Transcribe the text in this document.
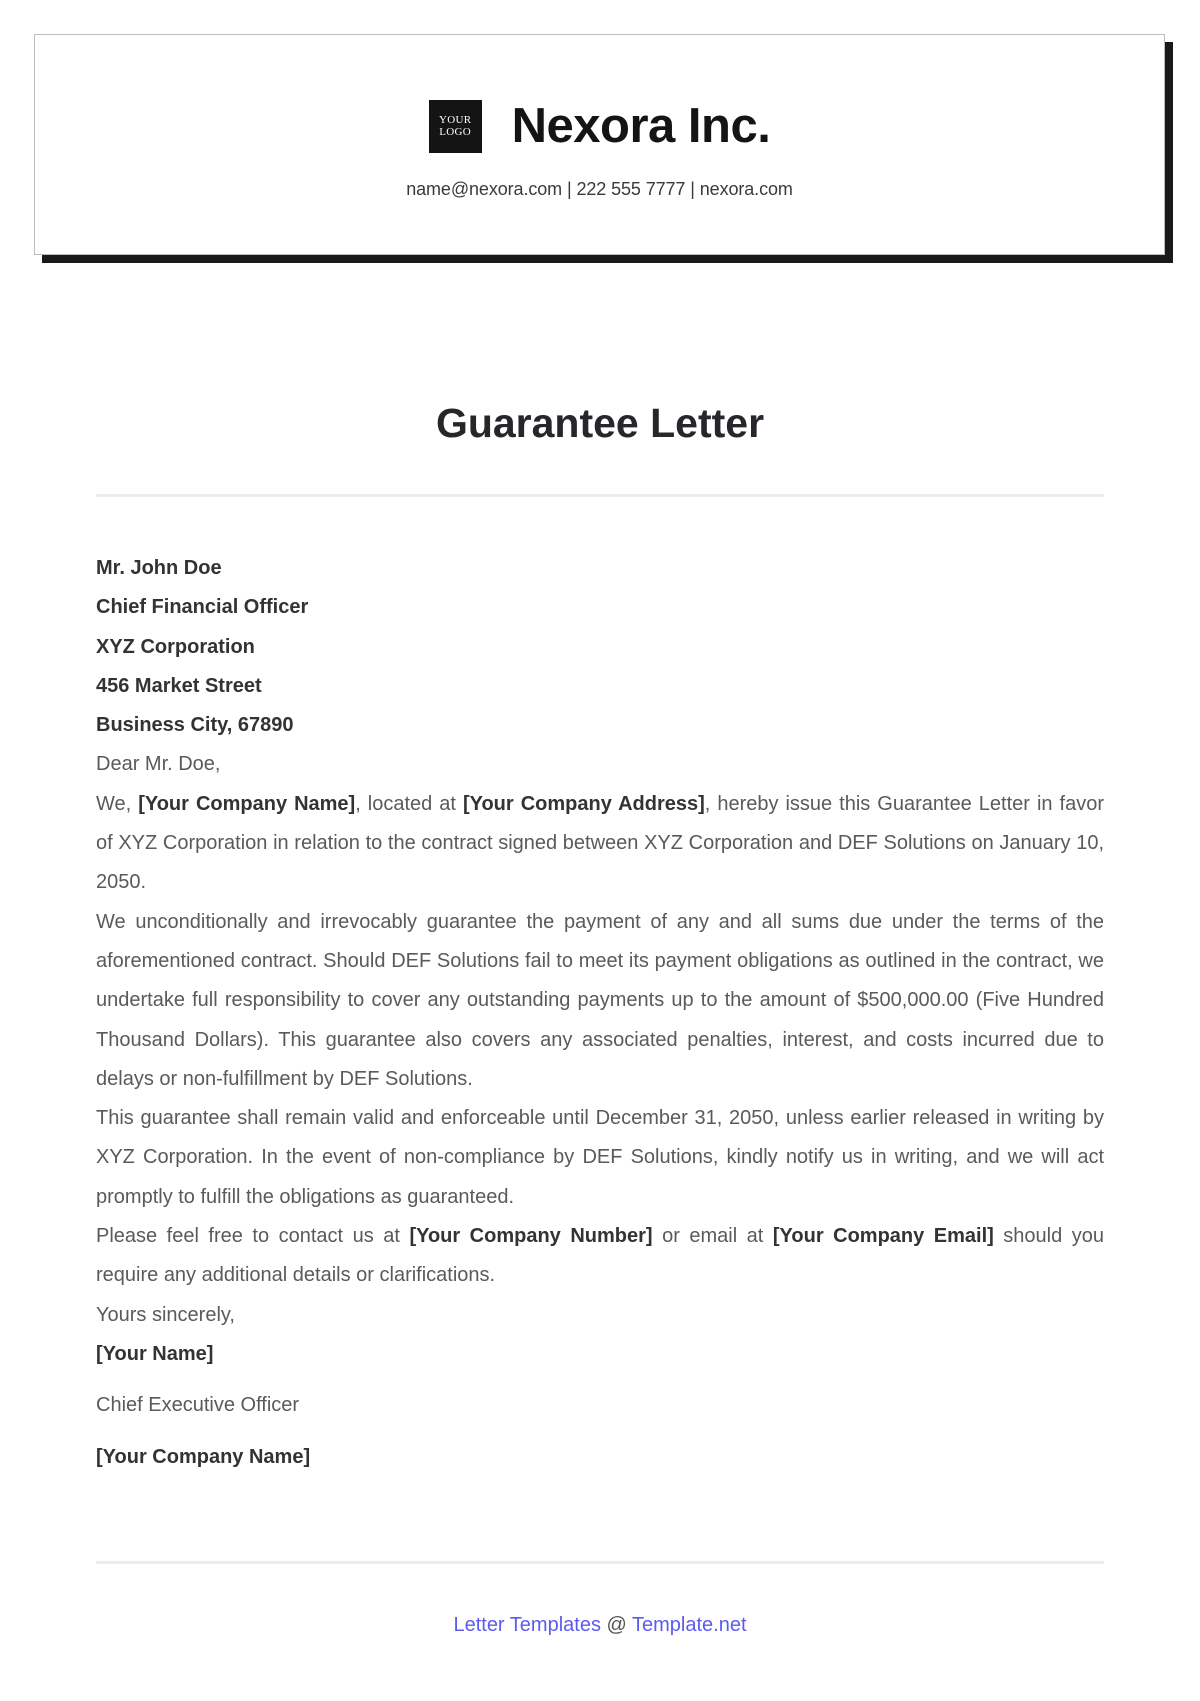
YOUR
LOGO Nexora Inc.
name@nexora.com | 222 555 7777 | nexora.com
Guarantee Letter

Mr. John Doe

Chief Financial Officer

XYZ Corporation

456 Market Street

Business City, 67890

Dear Mr. Doe,

We, [Your Company Name], located at [Your Company Address], hereby issue this Guarantee Letter in favor of XYZ Corporation in relation to the contract signed between XYZ Corporation and DEF Solutions on January 10, 2050.

We unconditionally and irrevocably guarantee the payment of any and all sums due under the terms of the aforementioned contract. Should DEF Solutions fail to meet its payment obligations as outlined in the contract, we undertake full responsibility to cover any outstanding payments up to the amount of $500,000.00 (Five Hundred Thousand Dollars). This guarantee also covers any associated penalties, interest, and costs incurred due to delays or non-fulfillment by DEF Solutions.

This guarantee shall remain valid and enforceable until December 31, 2050, unless earlier released in writing by XYZ Corporation. In the event of non-compliance by DEF Solutions, kindly notify us in writing, and we will act promptly to fulfill the obligations as guaranteed.

Please feel free to contact us at [Your Company Number] or email at [Your Company Email] should you require any additional details or clarifications.

Yours sincerely,

[Your Name]

Chief Executive Officer

[Your Company Name]

Letter Templates @ Template.net
